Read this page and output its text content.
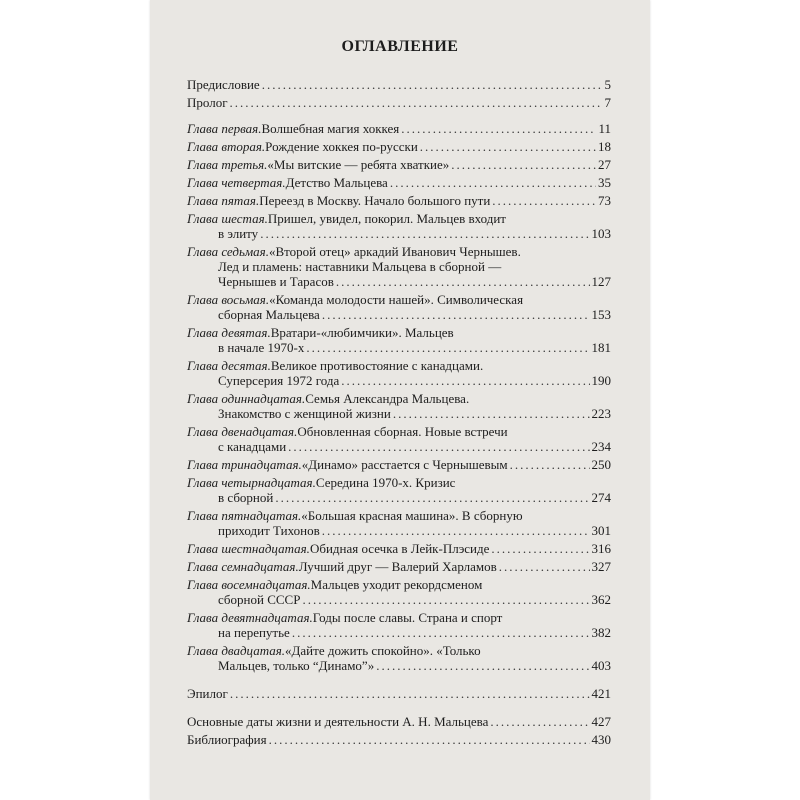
ОГЛАВЛЕНИЕ
Предисловие .....	5
Пролог .....	7
Глава первая. Волшебная магия хоккея .....	11
Глава вторая. Рождение хоккея по-русски .....	18
Глава третья. «Мы витские — ребята хваткие» .....	27
Глава четвертая. Детство Мальцева .....	35
Глава пятая. Переезд в Москву. Начало большого пути .....	73
Глава шестая. Пришел, увидел, покорил. Мальцев входит
в элиту .....	103
Глава седьмая. «Второй отец» аркадий Иванович Чернышев.
Лед и пламень: наставники Мальцева в сборной —
Чернышев и Тарасов .....	127
Глава восьмая. «Команда молодости нашей». Символическая
сборная Мальцева .....	153
Глава девятая. Вратари-«любимчики». Мальцев
в начале 1970-х .....	181
Глава десятая. Великое противостояние с канадцами.
Суперсерия 1972 года .....	190
Глава одиннадцатая. Семья Александра Мальцева.
Знакомство с женщиной жизни .....	223
Глава двенадцатая. Обновленная сборная. Новые встречи
с канадцами .....	234
Глава тринадцатая. «Динамо» расстается с Чернышевым .....	250
Глава четырнадцатая. Середина 1970-х. Кризис
в сборной .....	274
Глава пятнадцатая. «Большая красная машина». В сборную
приходит Тихонов .....	301
Глава шестнадцатая. Обидная осечка в Лейк-Плэсиде .....	316
Глава семнадцатая. Лучший друг — Валерий Харламов .....	327
Глава восемнадцатая. Мальцев уходит рекордсменом
сборной СССР .....	362
Глава девятнадцатая. Годы после славы. Страна и спорт
на перепутье .....	382
Глава двадцатая. «Дайте дожить спокойно». «Только
Мальцев, только “Динамо”» .....	403
Эпилог .....	421
Основные даты жизни и деятельности А. Н. Мальцева .....	427
Библиография .....	430
